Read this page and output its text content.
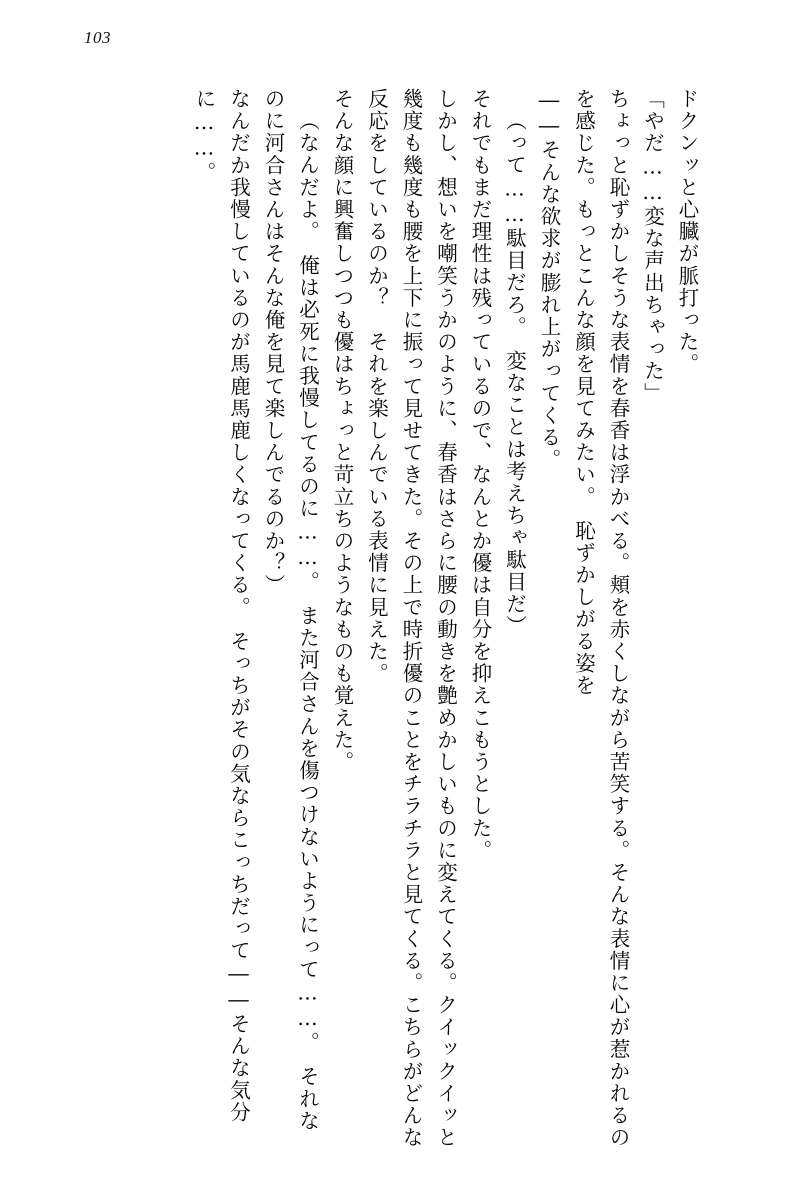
103

ドクンッと心臓が脈打った。

「やだ……変な声出ちゃった」

ちょっと恥ずかしそうな表情を春香は浮かべる。頬を赤くしながら苦笑する。そんな表情に心が惹かれるのを感じた。もっとこんな顔を見てみたい。　恥ずかしがる姿を

――そんな欲求が膨れ上がってくる。

（って……駄目だろ。　変なことは考えちゃ駄目だ）

それでもまだ理性は残っているので、なんとか優は自分を抑えこもうとした。

しかし、想いを嘲笑うかのように、春香はさらに腰の動きを艶めかしいものに変えてくる。クイックイッと幾度も幾度も腰を上下に振って見せてきた。その上で時折優のことをチラチラと見てくる。こちらがどんな反応をしているのか？　それを楽しんでいる表情に見えた。

そんな顔に興奮しつつも優はちょっと苛立ちのようなものも覚えた。

（なんだよ。　俺は必死に我慢してるのに……。　また河合さんを傷つけないようにって……。　それなのに河合さんはそんな俺を見て楽しんでるのか？）

なんだか我慢しているのが馬鹿馬鹿しくなってくる。　そっちがその気ならこっちだって――そんな気分に……。
